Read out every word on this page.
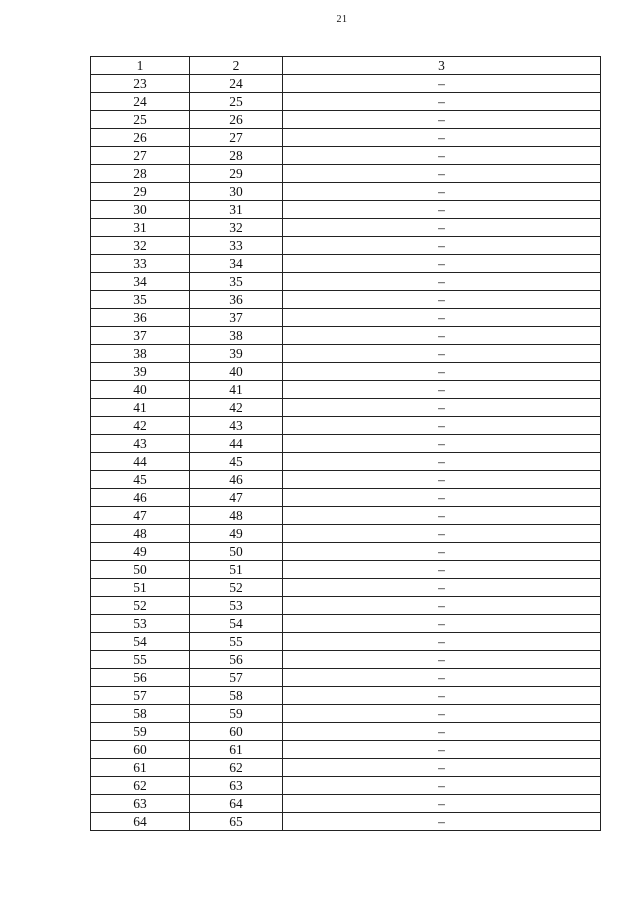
21
1	2	3
23	24	–
24	25	–
25	26	–
26	27	–
27	28	–
28	29	–
29	30	–
30	31	–
31	32	–
32	33	–
33	34	–
34	35	–
35	36	–
36	37	–
37	38	–
38	39	–
39	40	–
40	41	–
41	42	–
42	43	–
43	44	–
44	45	–
45	46	–
46	47	–
47	48	–
48	49	–
49	50	–
50	51	–
51	52	–
52	53	–
53	54	–
54	55	–
55	56	–
56	57	–
57	58	–
58	59	–
59	60	–
60	61	–
61	62	–
62	63	–
63	64	–
64	65	–
